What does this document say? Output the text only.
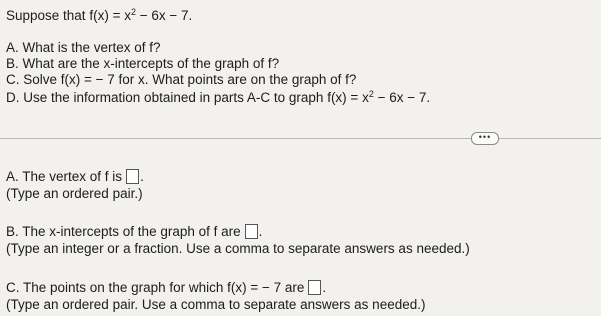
Suppose that $f(x) = x^2 - 6x - 7$.
A. What is the vertex of f?
B. What are the x-intercepts of the graph of f?
C. Solve f(x) = − 7 for x. What points are on the graph of f?
D. Use the information obtained in parts A-C to graph $f(x) = x^2 - 6x - 7$.
•••
A. The vertex of f is .
(Type an ordered pair.)
B. The x-intercepts of the graph of f are .
(Type an integer or a fraction. Use a comma to separate answers as needed.)
C. The points on the graph for which f(x) = − 7 are .
(Type an ordered pair. Use a comma to separate answers as needed.)
